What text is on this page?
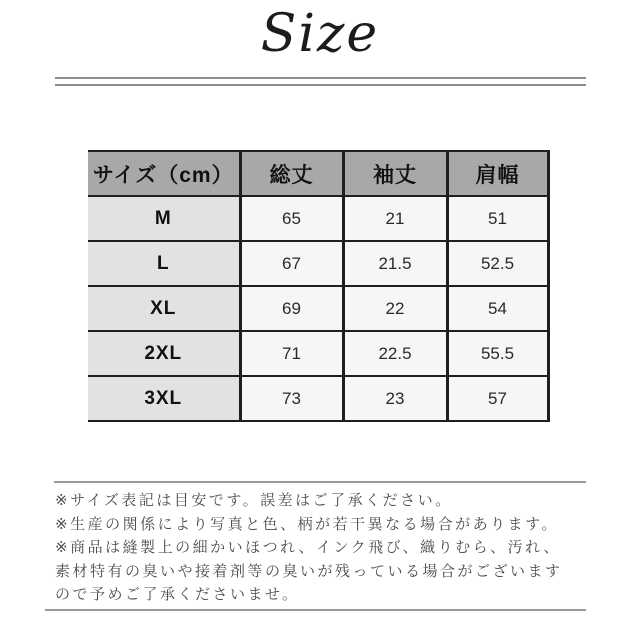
Size
サイズ（cm）	総丈	袖丈	肩幅
M	65	21	51
L	67	21.5	52.5
XL	69	22	54
2XL	71	22.5	55.5
3XL	73	23	57
※サイズ表記は目安です。誤差はご了承ください。
※生産の関係により写真と色、柄が若干異なる場合があります。
※商品は縫製上の細かいほつれ、インク飛び、織りむら、汚れ、
素材特有の臭いや接着剤等の臭いが残っている場合がございます
ので予めご了承くださいませ。
